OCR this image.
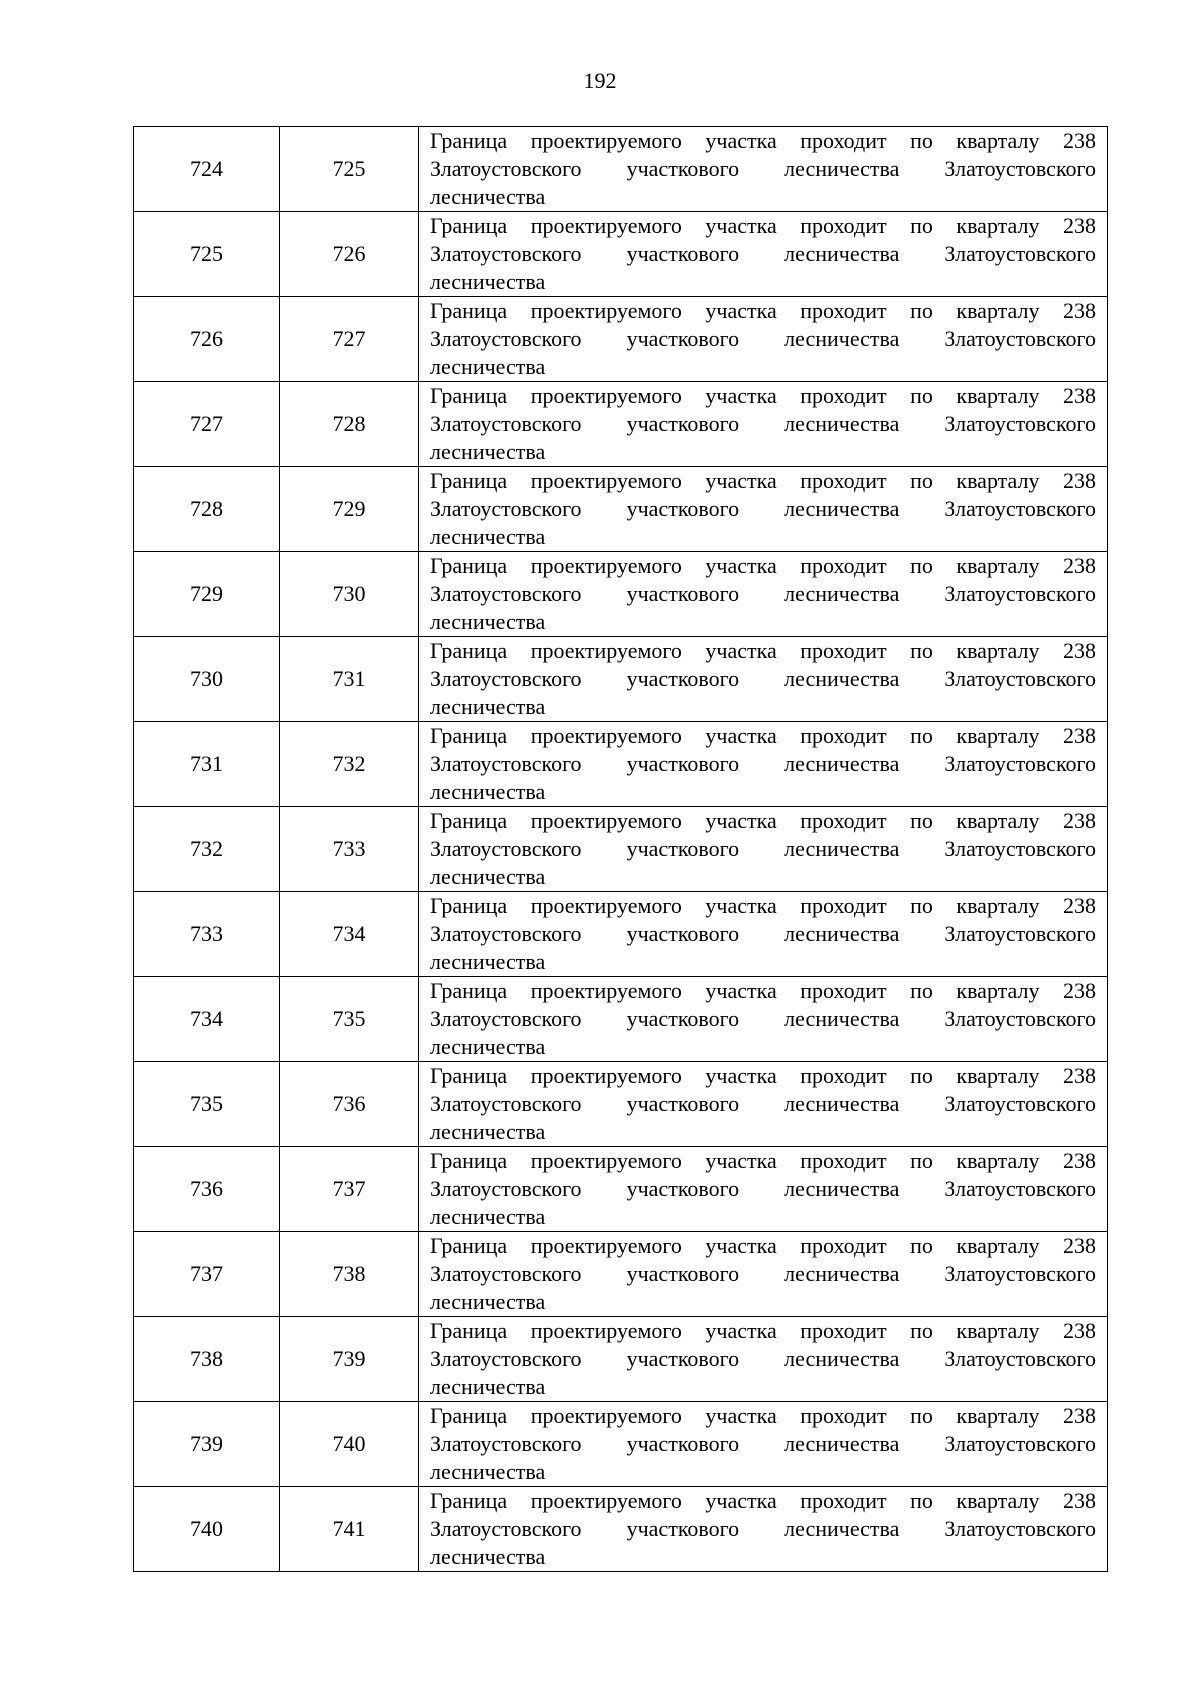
192
724	725	Граница проектируемого участка проходит по кварталу 238 Златоустовского участкового лесничества Златоустовского лесничества

725	726	Граница проектируемого участка проходит по кварталу 238 Златоустовского участкового лесничества Златоустовского лесничества

726	727	Граница проектируемого участка проходит по кварталу 238 Златоустовского участкового лесничества Златоустовского лесничества

727	728	Граница проектируемого участка проходит по кварталу 238 Златоустовского участкового лесничества Златоустовского лесничества

728	729	Граница проектируемого участка проходит по кварталу 238 Златоустовского участкового лесничества Златоустовского лесничества

729	730	Граница проектируемого участка проходит по кварталу 238 Златоустовского участкового лесничества Златоустовского лесничества

730	731	Граница проектируемого участка проходит по кварталу 238 Златоустовского участкового лесничества Златоустовского лесничества

731	732	Граница проектируемого участка проходит по кварталу 238 Златоустовского участкового лесничества Златоустовского лесничества

732	733	Граница проектируемого участка проходит по кварталу 238 Златоустовского участкового лесничества Златоустовского лесничества

733	734	Граница проектируемого участка проходит по кварталу 238 Златоустовского участкового лесничества Златоустовского лесничества

734	735	Граница проектируемого участка проходит по кварталу 238 Златоустовского участкового лесничества Златоустовского лесничества

735	736	Граница проектируемого участка проходит по кварталу 238 Златоустовского участкового лесничества Златоустовского лесничества

736	737	Граница проектируемого участка проходит по кварталу 238 Златоустовского участкового лесничества Златоустовского лесничества

737	738	Граница проектируемого участка проходит по кварталу 238 Златоустовского участкового лесничества Златоустовского лесничества

738	739	Граница проектируемого участка проходит по кварталу 238 Златоустовского участкового лесничества Златоустовского лесничества

739	740	Граница проектируемого участка проходит по кварталу 238 Златоустовского участкового лесничества Златоустовского лесничества

740	741	Граница проектируемого участка проходит по кварталу 238 Златоустовского участкового лесничества Златоустовского лесничества
